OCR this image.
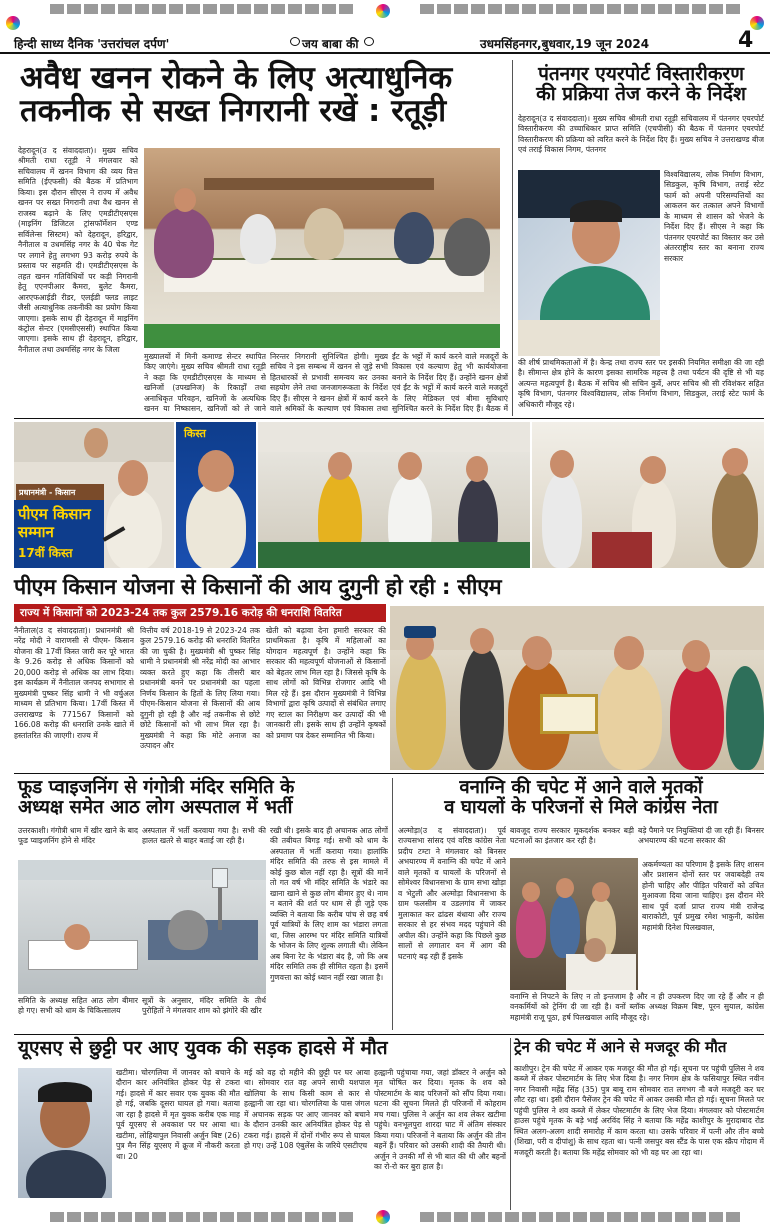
हिन्दी साध्य दैनिक 'उत्तरांचल दर्पण'	जय बाबा की	उधमसिंहनगर,बुधवार,19 जून 2024	4
अवैध खनन रोकने के लिए अत्याधुनिक
तकनीक से सख्त निगरानी रखें : रतूड़ी
देहरादून(उ द संवाददाता)। मुख्य सचिव श्रीमती राधा रतूड़ी ने मंगलवार को सचिवालय में खनन विभाग की व्यय वित्त समिति (ईएफसी) की बैठक में प्रतिभाग किया। इस दौरान सीएस ने राज्य में अवैध खनन पर सख्त निगरानी तथा वैध खनन से राजस्व बढ़ाने के लिए एमडीटीएसएस (माइनिंग डिजिटल ट्रांसफॉर्मेशन एण्ड सर्विलेन्स सिस्टम) को देहरादून, हरिद्वार, नैनीताल व उधमसिंह नगर के 40 चेक गेट पर लगाने हेतु लगभग 93 करोड़ रुपये के प्रस्ताव पर सहमति दी। एमडीटीएसएस के तहत खनन गतिविधियों पर कड़ी निगरानी हेतु एएनपीआर कैमरा, बुलेट कैमरा, आरएफआईडी रीडर, एलईडी फ्लड लाइट जैसी अत्याधुनिक तकनीकी का प्रयोग किया जाएगा। इसके साथ ही देहरादून में माइनिंग कंट्रोल सेन्टर (एमसीएससी) स्थापित किया जाएगा। इसके साथ ही देहरादून, हरिद्वार, नैनीताल तथा उधमसिंह नगर के जिला
मुख्यालयों में मिनी कमाण्ड सेन्टर स्थापित किए जाएंगे। मुख्य सचिव श्रीमती राधा रतूड़ी ने कहा कि एमडीटीएसएस के माध्यम से खनिजों (उपखनिज) के रिकार्ड़ों तथा अनाधिकृत परिवहन, खनिजों के अत्यधिक खनन या निष्कासन, खनिजों को ले जाने
निरन्तर निगरानी सुनिश्चित होगी। मुख्य सचिव ने इस सम्बन्ध में खनन से जुड़े सभी हितधारकों से प्रभावी समन्वय कर उनका सहयोग लेने तथा जनजागरूकता के निर्देश दिए हैं। सीएस ने खनन क्षेत्रों में कार्य करने वाले श्रमिकों के कल्याण एवं विकास तथा
ईंट के भट्टों में कार्य करने वाले मजदूरों के विकास एवं कल्याण हेतु भी कार्ययोजना बनाने के निर्देश दिए हैं। उन्होंने खनन क्षेत्रों एवं ईंट के भट्टों में कार्य करने वाले मजदूरों के लिए मेडिकल एवं बीमा सुविधाएं सुनिश्चित करने के निर्देश दिए हैं। बैठक में
पंतनगर एयरपोर्ट विस्तारीकरण
की प्रक्रिया तेज करने के निर्देश
देहरादून(उ द संवाददाता)। मुख्य सचिव श्रीमती राधा रतूड़ी सचिवालय में पंतनगर एयरपोर्ट विस्तारीकरण की उच्चाधिकार प्राप्त समिति (एचपीसी) की बैठक में पंतनगर एयरपोर्ट विस्तारीकरण की प्रक्रिया को त्वरित करने के निर्देश दिए हैं। मुख्य सचिव ने उत्तराखण्ड बीज एवं तराई विकास निगम, पंतनगर
विश्वविद्यालय, लोक निर्माण विभाग, सिडकुल, कृषि विभाग, तराई स्टेट फार्म को अपनी परिसम्पत्तियों का आकलन कर तत्काल अपने विभागों के माध्यम से शासन को भेजने के निर्देश दिए हैं। सीएस ने कहा कि पंतनगर एयरपोर्ट का विस्तार कर उसे अंतरराष्ट्रीय स्तर का बनाना राज्य सरकार
की शीर्ष प्राथमिकताओं में है। केन्द्र तथा राज्य स्तर पर इसकी नियमित समीक्षा की जा रही है। सीमान्त क्षेत्र होने के कारण इसका सामरिक महत्त्व है तथा पर्यटन की दृष्टि से भी यह अत्यन्त महत्वपूर्ण है। बैठक में सचिव श्री सचिन कुर्वे, अपर सचिव श्री सी रविशंकर सहित कृषि विभाग, पंतनगर विश्वविद्यालय, लोक निर्माण विभाग, सिडकुल, तराई स्टेट फार्म के अधिकारी मौजूद रहे।
प्रधानमंत्री - किसान
पीएम किसान
सम्मान
17वीं किस्त
किस्त
पीएम किसान योजना से किसानों की आय दुगुनी हो रही : सीएम
राज्य में किसानों को 2023-24 तक कुल 2579.16 करोड़ की धनराशि वितरित
नैनीताल(उ द संवाददाता)। प्रधानमंत्री श्री नरेंद्र मोदी ने वाराणसी से पीएम- किसान योजना की 17वीं किस्त जारी कर पूरे भारत के 9.26 करोड़ से अधिक किसानों को 20,000 करोड़ से अधिक का लाभ दिया। इस कार्यक्रम में नैनीताल जनपद सभागार से मुख्यमंत्री पुष्कर सिंह धामी ने भी वर्चुअल माध्यम से प्रतिभाग किया। 17वीं किस्त में उत्तराखण्ड के 771567 किसानों को 166.08 करोड़ की धनराशि उनके खाते में हस्तांतरित की जाएगी। राज्य में
वित्तीय वर्ष 2018-19 से 2023-24 तक कुल 2579.16 करोड़ की धनराशि वितरित की जा चुकी है। मुख्यमंत्री श्री पुष्कर सिंह धामी ने प्रधानमंत्री श्री नरेंद्र मोदी का आभार व्यक्त करते हुए कहा कि तीसरी बार प्रधानमंत्री बनने पर प्रधानमंत्री का पहला निर्णय किसान के हितों के लिए लिया गया। पीएम-किसान योजना से किसानों की आय दुगुनी हो रही है और नई तकनीक से छोटे छोटे किसानों को भी लाभ मिल रहा है। मुख्यमंत्री ने कहा कि मोटे अनाज का उत्पादन और
खेती को बढ़ावा देना हमारी सरकार की प्राथमिकता है। कृषि में महिलाओं का योगदान महत्वपूर्ण है। उन्होंने कहा कि सरकार की महत्वपूर्ण योजनाओं से किसानों को बेहतर लाभ मिल रहा है। जिससे कृषि के साथ लोगों को विभिन्न रोजगार आदि भी मिल रहे हैं। इस दौरान मुख्यमंत्री ने विभिन्न विभागों द्वारा कृषि उत्पादों से संबंधित लगाए गए स्टाल का निरीक्षण कर उत्पादों की भी जानकारी ली। इसके साथ ही उन्होंने कृषकों को प्रमाण पत्र देकर सम्मानित भी किया।
फूड प्वाइजनिंग से गंगोत्री मंदिर समिति के
अध्यक्ष समेत आठ लोग अस्पताल में भर्ती
उत्तरकाशी। गंगोत्री धाम में खीर खाने के बाद फूड प्वाइजनिंग होने से मंदिर
अस्पताल में भर्ती करवाया गया है। सभी की हालत खतरे से बाहर बताई जा रही है।
समिति के अध्यक्ष सहित आठ लोग बीमार हो गए। सभी को धाम के चिकित्सालय
सूत्रों के अनुसार, मंदिर समिति के तीर्थ पुरोहितों ने मंगलवार शाम को झंगोरे की खीर
रखी थी। इसके बाद ही अचानक आठ लोगों की तबीयत बिगड़ गई। सभी को धाम के अस्पताल में भर्ती कराया गया। हालांकि मंदिर समिति की तरफ से इस मामले में कोई कुछ बोल नहीं रहा है। सूत्रों की मानें तो गत वर्ष भी मंदिर समिति के भंडारे का खाना खाने से कुछ लोग बीमार हुए थे। नाम न बताने की शर्त पर धाम से ही जुड़े एक व्यक्ति ने बताया कि करीब पांच से छह वर्ष पूर्व यात्रियों के लिए शाम का भंडारा लगता था, जिस आरम्भ पर मंदिर समिति यात्रियों के भोजन के लिए शुल्क लगाती थी। लेकिन अब बिना रेट के भंडारा बंद है, जो कि अब मंदिर समिति तक ही सीमित रहता है। इसमें गुणवत्ता का कोई ध्यान नहीं रखा जाता है।
वनाग्नि की चपेट में आने वाले मृतकों
व घायलों के परिजनों से मिले कांग्रेस नेता
अल्मोड़ा(उ द संवाददाता)। पूर्व राज्यसभा सांसद एवं वरिष्ठ कांग्रेस नेता प्रदीप टम्टा ने मंगलवार को बिनसर अभयारण्य में वनाग्नि की चपेट में आने वाले मृतकों व घायलों के परिजनों से सोमेश्वर विधानसभा के ग्राम सभा खोड़ा व भेटुली और अल्मोड़ा विधानसभा के ग्राम फलसीम व उडलगांव में जाकर मुलाकात कर ढांढस बंधाया और राज्य सरकार से हर संभव मदद पहुंचाने की अपील की। उन्होंने कहा कि पिछले कुछ सालों से लगातार वन में आग की घटनाएं बढ़ रही हैं इसके
बावजूद राज्य सरकार मूकदर्शक बनकर बड़ी घटनाओं का इंतजार कर रही है।
बड़े पैमाने पर नियुक्तियां दी जा रही हैं। बिनसर अभयारण्य की घटना सरकार की
अकर्मण्यता का परिणाम है इसके लिए शासन और प्रशासन दोनों स्तर पर जवाबदेही तय होनी चाहिए और पीड़ित परिवारों को उचित मुआवजा दिया जाना चाहिए। इस दौरान मेरे साथ पूर्व दर्जा प्राप्त राज्य मंत्री राजेन्द्र बाराकोटी, पूर्व प्रमुख रमेश भाकुनी, कांग्रेस महामंत्री दिनेश पिलखवाल,
वनाग्नि से निपटने के लिए न तो इन्तजाम है और न ही उपकरण दिए जा रहे हैं और न ही वनकर्मियों को ट्रेनिंग दी जा रही है। वनों ब्लॉक अध्यक्ष विक्रम बिष्ट, पूरन सुयाल, कांग्रेस महामंत्री राजू पूठा, हर्ष पिलखवाल आदि मौजूद रहे।
यूएसए से छुट्टी पर आए युवक की सड़क हादसे में मौत
खटीमा। चोरगलिया में जानवर को बचाने के दौरान कार अनियंत्रित होकर पेड़ से टकरा गई। हादसे में कार सवार एक युवक की मौत हो गई, जबकि दूसरा घायल हो गया। बताया जा रहा है हादसे में मृत युवक करीब एक माह पूर्व यूएसए से अवकाश पर घर आया था। खटीमा, लोहियापुल निवासी अर्जुन बिष्ट (26) पुत्र मैन सिंह यूएसए में क्रूज में नौकरी करता था। 20
मई को वह दो महीने की छुट्टी पर घर आया था। सोमवार रात वह अपने साथी यशपाल खोलिया के साथ किसी काम से कार से हल्द्वानी जा रहा था। चोरगलिया के पास जंगल में अचानक सड़क पर आए जानवर को बचाने के दौरान उनकी कार अनियंत्रित होकर पेड़ से टकरा गई। हादसे में दोनों गंभीर रूप से घायल हो गए। उन्हें 108 एंबुलेंस के जरिये एसटीएच
हल्द्वानी पहुंचाया गया, जहां डॉक्टर ने अर्जुन को मृत घोषित कर दिया। मृतक के शव को पोस्टमार्टम के बाद परिजनों को सौंप दिया गया। घटना की सूचना मिलते ही परिजनों में कोहराम मच गया। पुलिस ने अर्जुन का शव लेकर खटीमा पहुंचे। वनभूलपुरा शारदा घाट में अंतिम संस्कार किया गया। परिजनों ने बताया कि अर्जुन की तीन बहनें हैं। परिवार को उसकी शादी की तैयारी थी। अर्जुन ने उनकी माँ से भी बात की थी और बहनों का रो-रो कर बुरा हाल है।
ट्रेन की चपेट में आने से मजदूर की मौत
काशीपुर। ट्रेन की चपेट में आकर एक मजदूर की मौत हो गई। सूचना पर पहुंची पुलिस ने शव कब्जे में लेकर पोस्टमार्टम के लिए भेज दिया है। नगर निगम क्षेत्र के फसियापुर स्थित नवीन नगर निवासी महेंद्र सिंह (35) पुत्र बाबू राम सोमवार रात लगभग नौ बजे मजदूरी कर घर लौट रहा था। इसी दौरान पैसेंजर ट्रेन की चपेट में आकर उसकी मौत हो गई। सूचना मिलते पर पहुंची पुलिस ने शव कब्जे में लेकर पोस्टमार्टम के लिए भेज दिया। मंगलवार को पोस्टमार्टम हाउस पहुंचे मृतक के बड़े भाई अरविंद सिंह ने बताया कि महेंद्र काशीपुर के मुरादाबाद रोड स्थित अलग-अलग शादी समारोह में काम करता था। उसके परिवार में पत्नी और तीन बच्चे (शिखा, परी व दीपांशु) के साथ रहता था। पत्नी जसपुर बस स्टैंड के पास एक स्क्रैप गोदाम में मजदूरी करती है। बताया कि महेंद्र सोमवार को भी वह घर आ रहा था।
